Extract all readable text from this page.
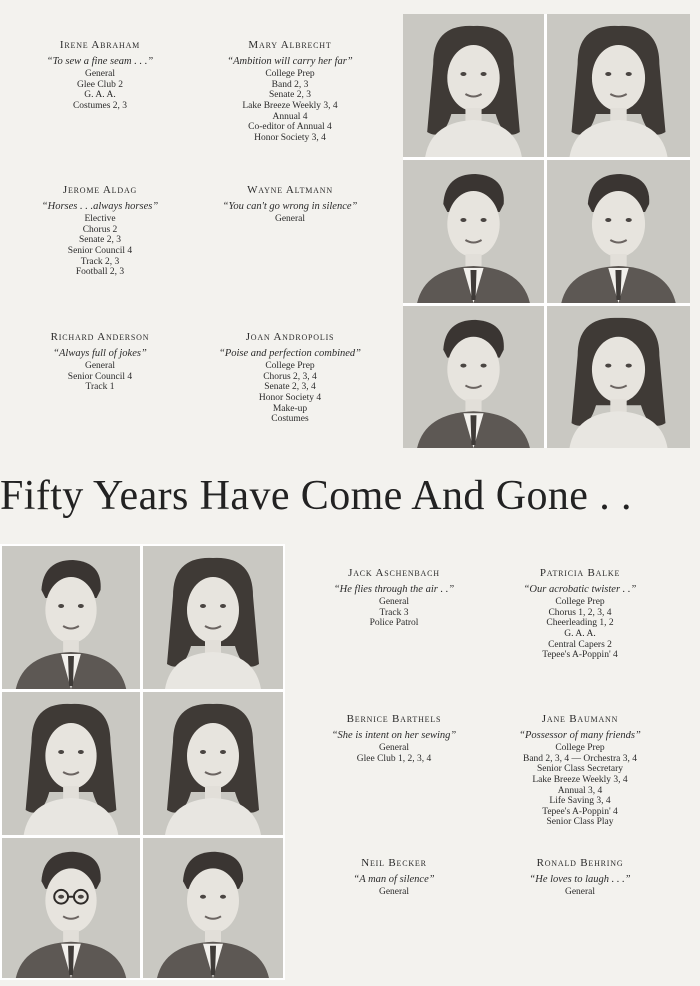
Irene Abraham
“To sew a fine seam . . .”
General
Glee Club 2
G. A. A.
Costumes 2, 3
Mary Albrecht
“Ambition will carry her far”
College Prep
Band 2, 3
Senate 2, 3
Lake Breeze Weekly 3, 4
Annual 4
Co-editor of Annual 4
Honor Society 3, 4
Jerome Aldag
“Horses . . .always horses”
Elective
Chorus 2
Senate 2, 3
Senior Council 4
Track 2, 3
Football 2, 3
Wayne Altmann
“You can't go wrong in silence”
General
Richard Anderson
“Always full of jokes”
General
Senior Council 4
Track 1
Joan Andropolis
“Poise and perfection combined”
College Prep
Chorus 2, 3, 4
Senate 2, 3, 4
Honor Society 4
Make-up
Costumes
Fifty Years Have Come And Gone . .
Jack Aschenbach
“He flies through the air . .”
General
Track 3
Police Patrol
Patricia Balke
“Our acrobatic twister . .”
College Prep
Chorus 1, 2, 3, 4
Cheerleading 1, 2
G. A. A.
Central Capers 2
Tepee's A-Poppin' 4
Bernice Barthels
“She is intent on her sewing”
General
Glee Club 1, 2, 3, 4
Jane Baumann
“Possessor of many friends”
College Prep
Band 2, 3, 4 — Orchestra 3, 4
Senior Class Secretary
Lake Breeze Weekly 3, 4
Annual 3, 4
Life Saving 3, 4
Tepee's A-Poppin' 4
Senior Class Play
Neil Becker
“A man of silence”
General
Ronald Behring
“He loves to laugh . . .”
General
